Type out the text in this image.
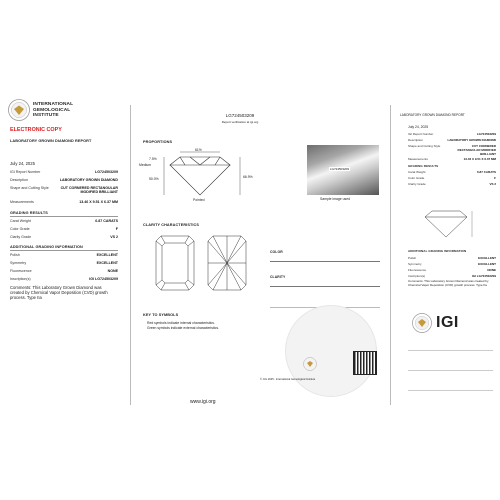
INTERNATIONAL
GEMOLOGICAL
INSTITUTE
ELECTRONIC COPY
LABORATORY GROWN DIAMOND REPORT
July 24, 2025
IGI Report Number	LG724503209
Description	LABORATORY GROWN DIAMOND
Shape and Cutting Style	CUT CORNERED RECTANGULAR MODIFIED BRILLIANT
Measurements	13.46 X 9.51 X 6.37 MM
GRADING RESULTS
Carat Weight	6.87 CARATS
Color Grade	F
Clarity Grade	VS 2
ADDITIONAL GRADING INFORMATION
Polish	EXCELLENT
Symmetry	EXCELLENT
Fluorescence	NONE
Inscription(s)	IGI LG724503209
Comments: This Laboratory Grown Diamond was created by Chemical Vapor Deposition (CVD) growth process. Type IIa
LG724503209
Report verification at igi.org
PROPORTIONS
61%
7.5%
50.0%	66.9%
Medium
Pointed
LG724503209
Sample image used
CLARITY CHARACTERISTICS
KEY TO SYMBOLS
Red symbols indicate internal characteristics.
Green symbols indicate external characteristics.
COLOR
CLARITY
© JUL 2025 - International Gemological Institute
www.igi.org
LABORATORY GROWN DIAMOND REPORT
July 24, 2025
IGI Report Number	LG724503209
Description	LABORATORY GROWN DIAMOND
Shape and Cutting Style	CUT CORNERED RECTANGULAR MODIFIED BRILLIANT
Measurements	13.46 X 9.51 X 6.37 MM
GRADING RESULTS
Carat Weight	6.87 CARATS
Color Grade	F
Clarity Grade	VS 2
ADDITIONAL GRADING INFORMATION
Polish	EXCELLENT
Symmetry	EXCELLENT
Fluorescence	NONE
Inscription(s)	IGI LG724503209
Comments: This Laboratory Grown Diamond was created by Chemical Vapor Deposition (CVD) growth process. Type IIa
IGI
